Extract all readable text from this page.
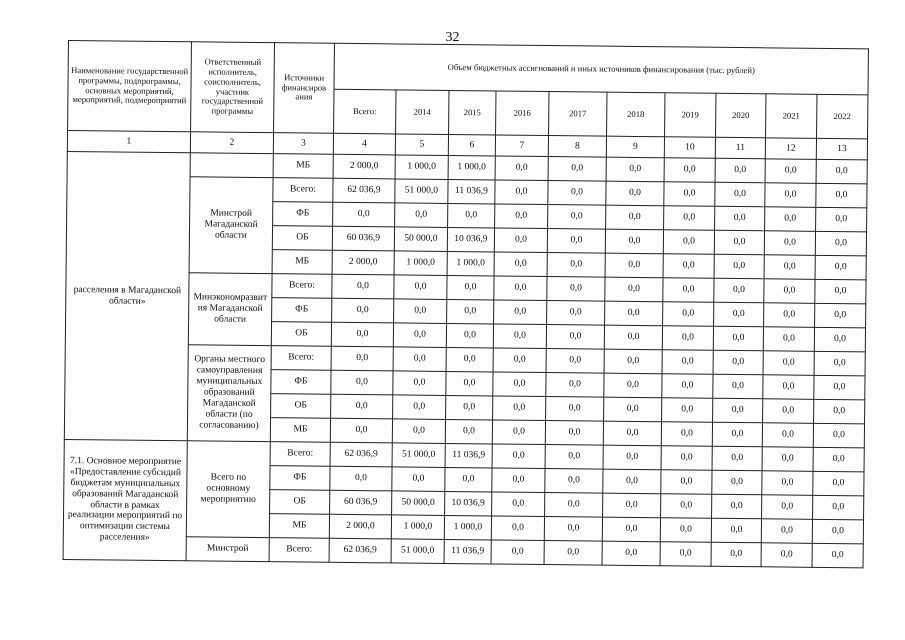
32
Наименование государственной программы, подпрограммы, основных мероприятий, мероприятий, подмероприятий	Ответственный исполнитель, соисполнитель, участник государственной программы	Источники финансиров ания	Объем бюджетных ассигнований и иных источников финансирования (тыс. рублей)									
			Всего:	2014	2015	2016	2017	2018	2019	2020	2021	2022
1	2	3	4	5	6	7	8	9	10	11	12	13
расселения в Магаданской области»		МБ	2 000,0	1 000,0	1 000,0	0,0	0,0	0,0	0,0	0,0	0,0	0,0
	Минстрой Магаданской области	Всего:	62 036,9	51 000,0	11 036,9	0,0	0,0	0,0	0,0	0,0	0,0	0,0
		ФБ	0,0	0,0	0,0	0,0	0,0	0,0	0,0	0,0	0,0	0,0
		ОБ	60 036,9	50 000,0	10 036,9	0,0	0,0	0,0	0,0	0,0	0,0	0,0
		МБ	2 000,0	1 000,0	1 000,0	0,0	0,0	0,0	0,0	0,0	0,0	0,0
	Минэкономразвит ия Магаданской области	Всего:	0,0	0,0	0,0	0,0	0,0	0,0	0,0	0,0	0,0	0,0
		ФБ	0,0	0,0	0,0	0,0	0,0	0,0	0,0	0,0	0,0	0,0
		ОБ	0,0	0,0	0,0	0,0	0,0	0,0	0,0	0,0	0,0	0,0
	Органы местного самоуправления муниципальных образований Магаданской области (по согласованию)	Всего:	0,0	0,0	0,0	0,0	0,0	0,0	0,0	0,0	0,0	0,0
		ФБ	0,0	0,0	0,0	0,0	0,0	0,0	0,0	0,0	0,0	0,0
		ОБ	0,0	0,0	0,0	0,0	0,0	0,0	0,0	0,0	0,0	0,0
		МБ	0,0	0,0	0,0	0,0	0,0	0,0	0,0	0,0	0,0	0,0
7.1. Основное мероприятие «Предоставление субсидий бюджетам муниципальных образований Магаданской области в рамках реализации мероприятий по оптимизации системы расселения»	Всего по основному мероприятию	Всего:	62 036,9	51 000,0	11 036,9	0,0	0,0	0,0	0,0	0,0	0,0	0,0
		ФБ	0,0	0,0	0,0	0,0	0,0	0,0	0,0	0,0	0,0	0,0
		ОБ	60 036,9	50 000,0	10 036,9	0,0	0,0	0,0	0,0	0,0	0,0	0,0
		МБ	2 000,0	1 000,0	1 000,0	0,0	0,0	0,0	0,0	0,0	0,0	0,0
	Минстрой	Всего:	62 036,9	51 000,0	11 036,9	0,0	0,0	0,0	0,0	0,0	0,0	0,0
